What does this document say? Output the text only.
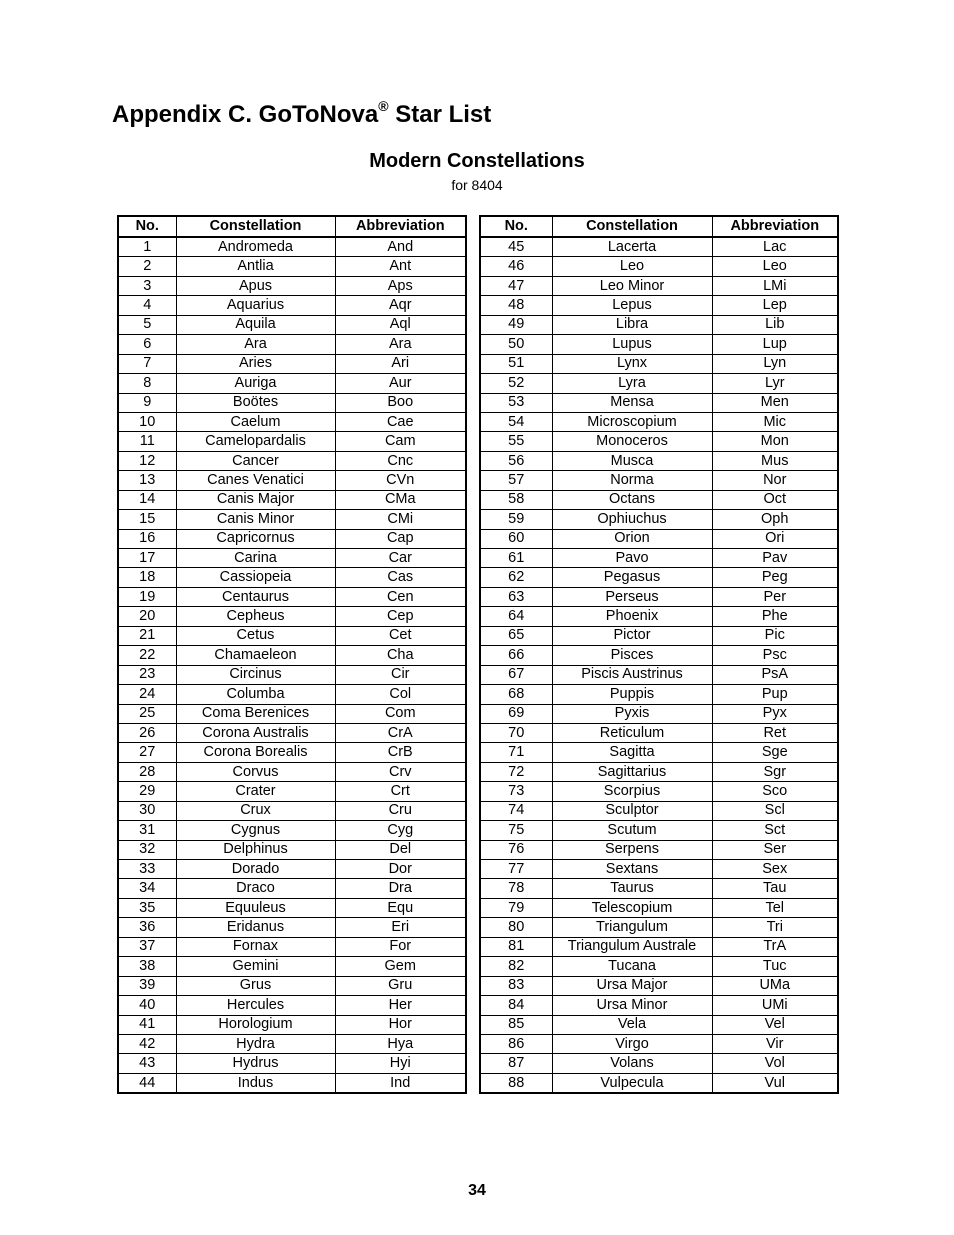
Appendix C. GoToNova® Star List
Modern Constellations
for 8404
No.	Constellation	Abbreviation
1	Andromeda	And
2	Antlia	Ant
3	Apus	Aps
4	Aquarius	Aqr
5	Aquila	Aql
6	Ara	Ara
7	Aries	Ari
8	Auriga	Aur
9	Boötes	Boo
10	Caelum	Cae
11	Camelopardalis	Cam
12	Cancer	Cnc
13	Canes Venatici	CVn
14	Canis Major	CMa
15	Canis Minor	CMi
16	Capricornus	Cap
17	Carina	Car
18	Cassiopeia	Cas
19	Centaurus	Cen
20	Cepheus	Cep
21	Cetus	Cet
22	Chamaeleon	Cha
23	Circinus	Cir
24	Columba	Col
25	Coma Berenices	Com
26	Corona Australis	CrA
27	Corona Borealis	CrB
28	Corvus	Crv
29	Crater	Crt
30	Crux	Cru
31	Cygnus	Cyg
32	Delphinus	Del
33	Dorado	Dor
34	Draco	Dra
35	Equuleus	Equ
36	Eridanus	Eri
37	Fornax	For
38	Gemini	Gem
39	Grus	Gru
40	Hercules	Her
41	Horologium	Hor
42	Hydra	Hya
43	Hydrus	Hyi
44	Indus	Ind
No.	Constellation	Abbreviation
45	Lacerta	Lac
46	Leo	Leo
47	Leo Minor	LMi
48	Lepus	Lep
49	Libra	Lib
50	Lupus	Lup
51	Lynx	Lyn
52	Lyra	Lyr
53	Mensa	Men
54	Microscopium	Mic
55	Monoceros	Mon
56	Musca	Mus
57	Norma	Nor
58	Octans	Oct
59	Ophiuchus	Oph
60	Orion	Ori
61	Pavo	Pav
62	Pegasus	Peg
63	Perseus	Per
64	Phoenix	Phe
65	Pictor	Pic
66	Pisces	Psc
67	Piscis Austrinus	PsA
68	Puppis	Pup
69	Pyxis	Pyx
70	Reticulum	Ret
71	Sagitta	Sge
72	Sagittarius	Sgr
73	Scorpius	Sco
74	Sculptor	Scl
75	Scutum	Sct
76	Serpens	Ser
77	Sextans	Sex
78	Taurus	Tau
79	Telescopium	Tel
80	Triangulum	Tri
81	Triangulum Australe	TrA
82	Tucana	Tuc
83	Ursa Major	UMa
84	Ursa Minor	UMi
85	Vela	Vel
86	Virgo	Vir
87	Volans	Vol
88	Vulpecula	Vul
34
